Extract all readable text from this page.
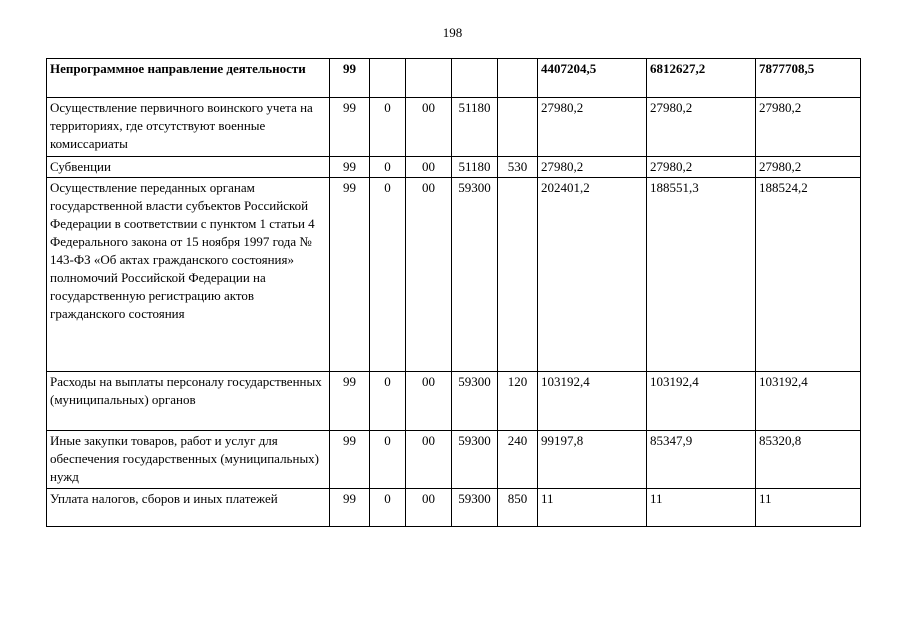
198
Непрограммное направление деятельности	99					4407204,5	6812627,2	7877708,5
Осуществление первичного воинского учета на территориях, где отсутствуют военные комиссариаты	99	0	00	51180		27980,2	27980,2	27980,2
Субвенции	99	0	00	51180	530	27980,2	27980,2	27980,2
Осуществление переданных органам государственной власти субъектов Российской Федерации в соответствии с пунктом 1 статьи 4 Федерального закона от 15 ноября 1997 года № 143-ФЗ «Об актах гражданского состояния» полномочий Российской Федерации на государственную регистрацию актов гражданского состояния	99	0	00	59300		202401,2	188551,3	188524,2
Расходы на выплаты персоналу государственных (муниципальных) органов	99	0	00	59300	120	103192,4	103192,4	103192,4
Иные закупки товаров, работ и услуг для обеспечения государственных (муниципальных) нужд	99	0	00	59300	240	99197,8	85347,9	85320,8
Уплата налогов, сборов и иных платежей	99	0	00	59300	850	11	11	11
